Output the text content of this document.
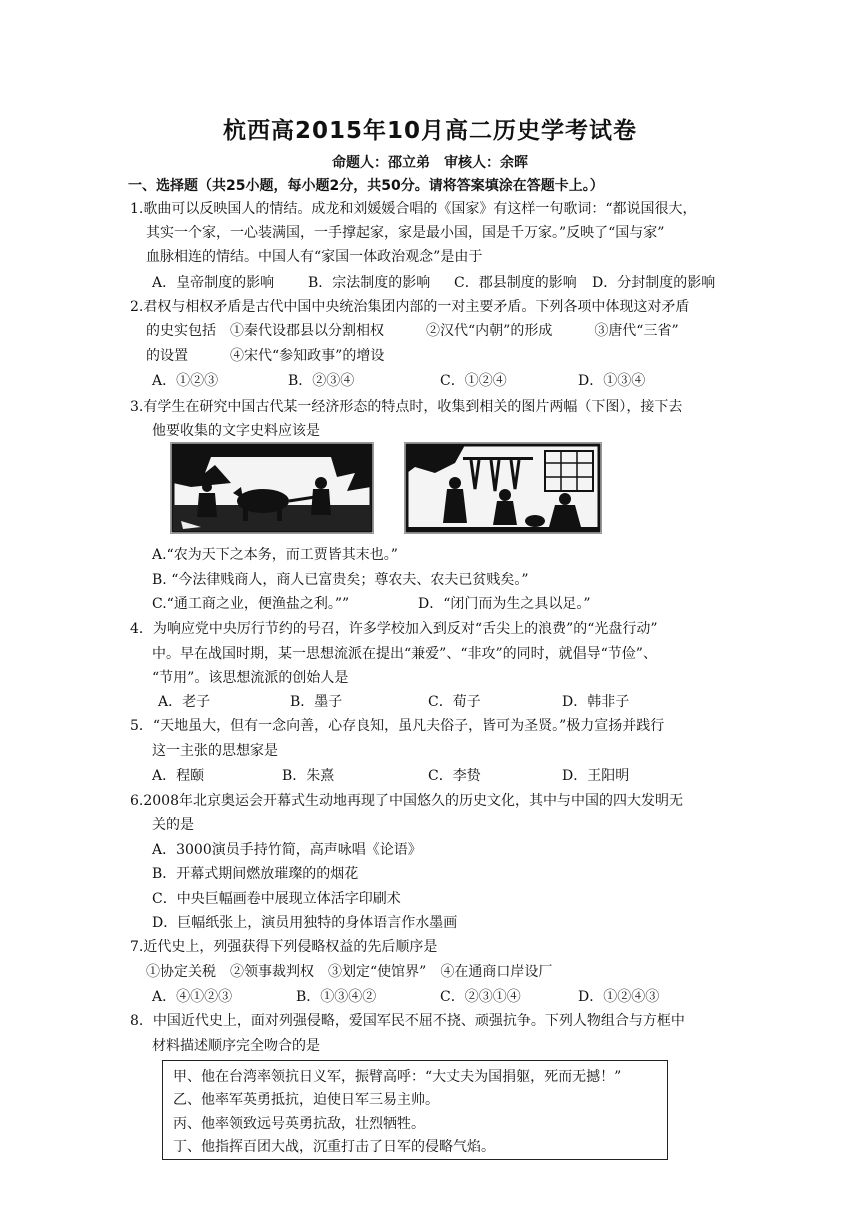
杭西高2015年10月高二历史学考试卷
命题人：邵立弟　审核人：余晖
一、选择题（共25小题，每小题2分，共50分。请将答案填涂在答题卡上。）
1.歌曲可以反映国人的情结。成龙和刘媛媛合唱的《国家》有这样一句歌词：“都说国很大，
其实一个家，一心装满国，一手撑起家，家是最小国，国是千万家。”反映了“国与家”
血脉相连的情结。中国人有“家国一体政治观念”是由于
A．皇帝制度的影响 B．宗法制度的影响 C．郡县制度的影响 D．分封制度的影响
2.君权与相权矛盾是古代中国中央统治集团内部的一对主要矛盾。下列各项中体现这对矛盾
的史实包括　①秦代设郡县以分割相权　　　②汉代“内朝”的形成　　　③唐代“三省”
的设置　　　④宋代“参知政事”的增设
A．①②③	B．②③④	C．①②④	D．①③④
3.有学生在研究中国古代某一经济形态的特点时，收集到相关的图片两幅（下图），接下去
他要收集的文字史料应该是
A.“农为天下之本务，而工贾皆其末也。”
B. “今法律贱商人，商人已富贵矣；尊农夫、农夫已贫贱矣。”
C.“通工商之业，便渔盐之利。””	D．“闭门而为生之具以足。”
4．为响应党中央厉行节约的号召，许多学校加入到反对“舌尖上的浪费”的“光盘行动”
中。早在战国时期，某一思想流派在提出“兼爱”、“非攻”的同时，就倡导“节俭”、
“节用”。该思想流派的创始人是
A．老子	B．墨子	C．荀子	D．韩非子
5．“天地虽大，但有一念向善，心存良知，虽凡夫俗子，皆可为圣贤。”极力宣扬并践行
这一主张的思想家是
A．程颐	B．朱熹	C．李贽	D．王阳明
6.2008年北京奥运会开幕式生动地再现了中国悠久的历史文化，其中与中国的四大发明无
关的是
A．3000演员手持竹简，高声咏唱《论语》
B．开幕式期间燃放璀璨的的烟花
C．中央巨幅画卷中展现立体活字印刷术
D．巨幅纸张上，演员用独特的身体语言作水墨画
7.近代史上，列强获得下列侵略权益的先后顺序是
①协定关税　②领事裁判权　③划定“使馆界”　④在通商口岸设厂
A．④①②③	B．①③④②	C．②③①④	D．①②④③
8．中国近代史上，面对列强侵略，爱国军民不屈不挠、顽强抗争。下列人物组合与方框中
材料描述顺序完全吻合的是
甲、他在台湾率领抗日义军，振臂高呼：“大丈夫为国捐躯，死而无撼！”
乙、他率军英勇抵抗，迫使日军三易主帅。
丙、他率领致远号英勇抗敌，壮烈牺牲。
丁、他指挥百团大战，沉重打击了日军的侵略气焰。
